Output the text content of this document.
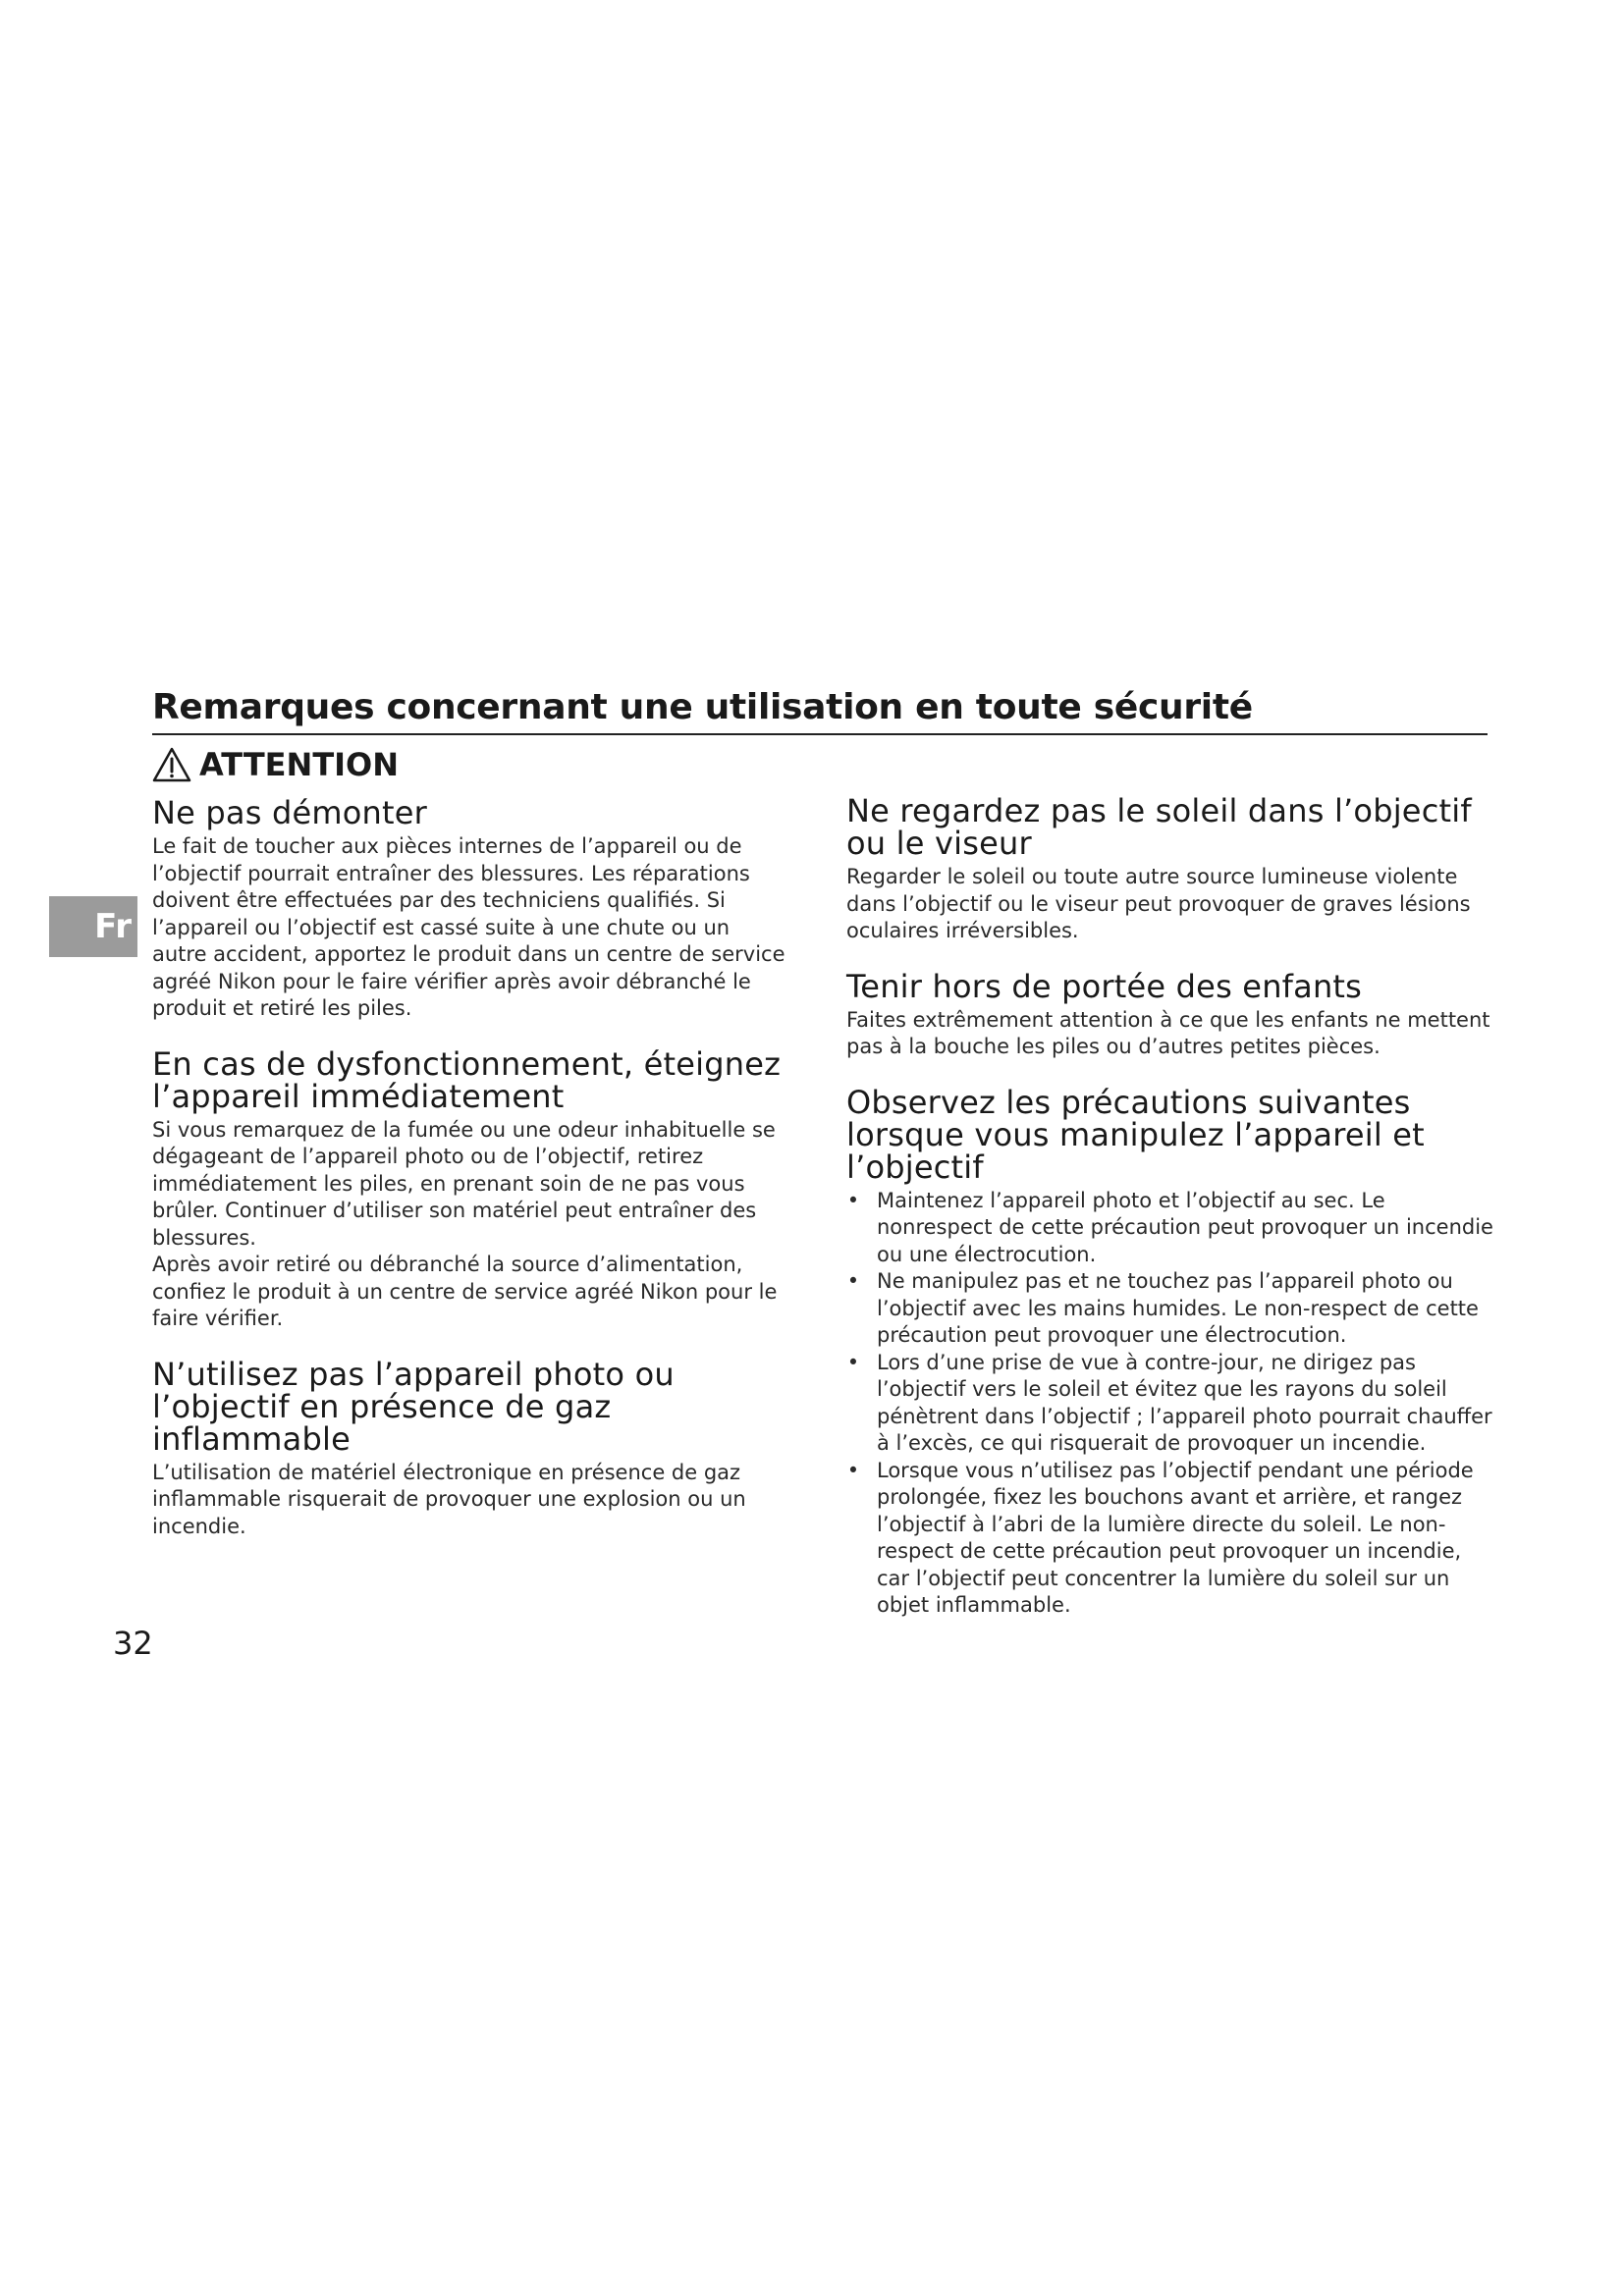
Remarques concernant une utilisation en toute sécurité
ATTENTION
Fr
Ne pas démonter

Le fait de toucher aux pièces internes de l’appareil ou de l’objectif pourrait entraîner des blessures. Les réparations doivent être effectuées par des techniciens qualifiés. Si l’appareil ou l’objectif est cassé suite à une chute ou un autre accident, apportez le produit dans un centre de service agréé Nikon pour le faire vérifier après avoir débranché le produit et retiré les piles.

En cas de dysfonctionnement, éteignez l’appareil immédiatement

Si vous remarquez de la fumée ou une odeur inhabituelle se dégageant de l’appareil photo ou de l’objectif, retirez immédiatement les piles, en prenant soin de ne pas vous brûler. Continuer d’utiliser son matériel peut entraîner des blessures.

Après avoir retiré ou débranché la source d’alimentation, confiez le produit à un centre de service agréé Nikon pour le faire vérifier.

N’utilisez pas l’appareil photo ou l’objectif en présence de gaz inflammable

L’utilisation de matériel électronique en présence de gaz inflammable risquerait de provoquer une explosion ou un incendie.

Ne regardez pas le soleil dans l’objectif ou le viseur

Regarder le soleil ou toute autre source lumineuse violente dans l’objectif ou le viseur peut provoquer de graves lésions oculaires irréversibles.

Tenir hors de portée des enfants

Faites extrêmement attention à ce que les enfants ne mettent pas à la bouche les piles ou d’autres petites pièces.

Observez les précautions suivantes lorsque vous manipulez l’appareil et l’objectif
• Maintenez l’appareil photo et l’objectif au sec. Le nonrespect de cette précaution peut provoquer un incendie ou une électrocution.
• Ne manipulez pas et ne touchez pas l’appareil photo ou l’objectif avec les mains humides. Le non-respect de cette précaution peut provoquer une électrocution.
• Lors d’une prise de vue à contre-jour, ne dirigez pas l’objectif vers le soleil et évitez que les rayons du soleil pénètrent dans l’objectif ; l’appareil photo pourrait chauffer à l’excès, ce qui risquerait de provoquer un incendie.
• Lorsque vous n’utilisez pas l’objectif pendant une période prolongée, fixez les bouchons avant et arrière, et rangez l’objectif à l’abri de la lumière directe du soleil. Le non-respect de cette précaution peut provoquer un incendie, car l’objectif peut concentrer la lumière du soleil sur un objet inflammable.
32
